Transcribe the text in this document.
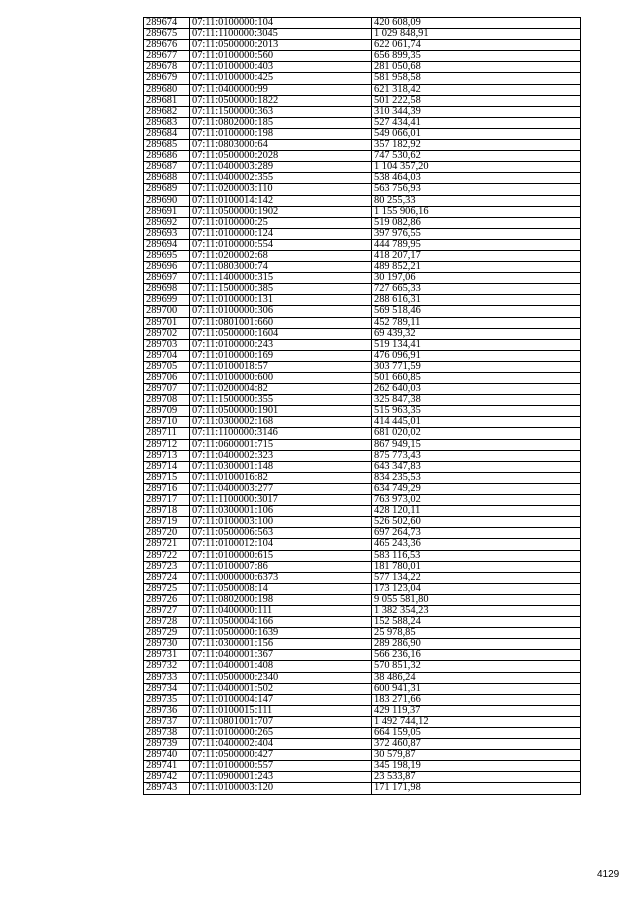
289674	07:11:0100000:104	420 608,09
289675	07:11:1100000:3045	1 029 848,91
289676	07:11:0500000:2013	622 061,74
289677	07:11:0100000:560	656 899,35
289678	07:11:0100000:403	281 050,68
289679	07:11:0100000:425	581 958,58
289680	07:11:0400000:99	621 318,42
289681	07:11:0500000:1822	501 222,58
289682	07:11:1500000:363	310 344,39
289683	07:11:0802000:185	527 434,41
289684	07:11:0100000:198	549 066,01
289685	07:11:0803000:64	357 182,92
289686	07:11:0500000:2028	747 530,62
289687	07:11:0400003:289	1 104 357,20
289688	07:11:0400002:355	538 464,03
289689	07:11:0200003:110	563 756,93
289690	07:11:0100014:142	80 255,33
289691	07:11:0500000:1902	1 155 906,16
289692	07:11:0100000:25	519 082,86
289693	07:11:0100000:124	397 976,55
289694	07:11:0100000:554	444 789,95
289695	07:11:0200002:68	418 207,17
289696	07:11:0803000:74	489 852,21
289697	07:11:1400000:315	30 197,06
289698	07:11:1500000:385	727 665,33
289699	07:11:0100000:131	288 616,31
289700	07:11:0100000:306	569 518,46
289701	07:11:0801001:660	452 789,11
289702	07:11:0500000:1604	69 439,32
289703	07:11:0100000:243	519 134,41
289704	07:11:0100000:169	476 096,91
289705	07:11:0100018:57	303 771,59
289706	07:11:0100000:600	501 660,85
289707	07:11:0200004:82	262 640,03
289708	07:11:1500000:355	325 847,38
289709	07:11:0500000:1901	515 963,35
289710	07:11:0300002:168	414 445,01
289711	07:11:1100000:3146	681 020,02
289712	07:11:0600001:715	867 949,15
289713	07:11:0400002:323	875 773,43
289714	07:11:0300001:148	643 347,83
289715	07:11:0100016:82	834 235,53
289716	07:11:0400003:277	634 749,29
289717	07:11:1100000:3017	763 973,02
289718	07:11:0300001:106	428 120,11
289719	07:11:0100003:100	526 502,60
289720	07:11:0500006:563	697 264,73
289721	07:11:0100012:104	465 243,36
289722	07:11:0100000:615	583 116,53
289723	07:11:0100007:86	181 780,01
289724	07:11:0000000:6373	577 134,22
289725	07:11:0500008:14	173 123,04
289726	07:11:0802000:198	9 055 581,80
289727	07:11:0400000:111	1 382 354,23
289728	07:11:0500004:166	152 588,24
289729	07:11:0500000:1639	25 978,85
289730	07:11:0300001:156	289 286,90
289731	07:11:0400001:367	566 236,16
289732	07:11:0400001:408	570 851,32
289733	07:11:0500000:2340	38 486,24
289734	07:11:0400001:502	600 941,31
289735	07:11:0100004:147	183 271,66
289736	07:11:0100015:111	429 119,37
289737	07:11:0801001:707	1 492 744,12
289738	07:11:0100000:265	664 159,05
289739	07:11:0400002:404	372 460,87
289740	07:11:0500000:427	30 579,87
289741	07:11:0100000:557	345 198,19
289742	07:11:0900001:243	23 533,87
289743	07:11:0100003:120	171 171,98
4129
